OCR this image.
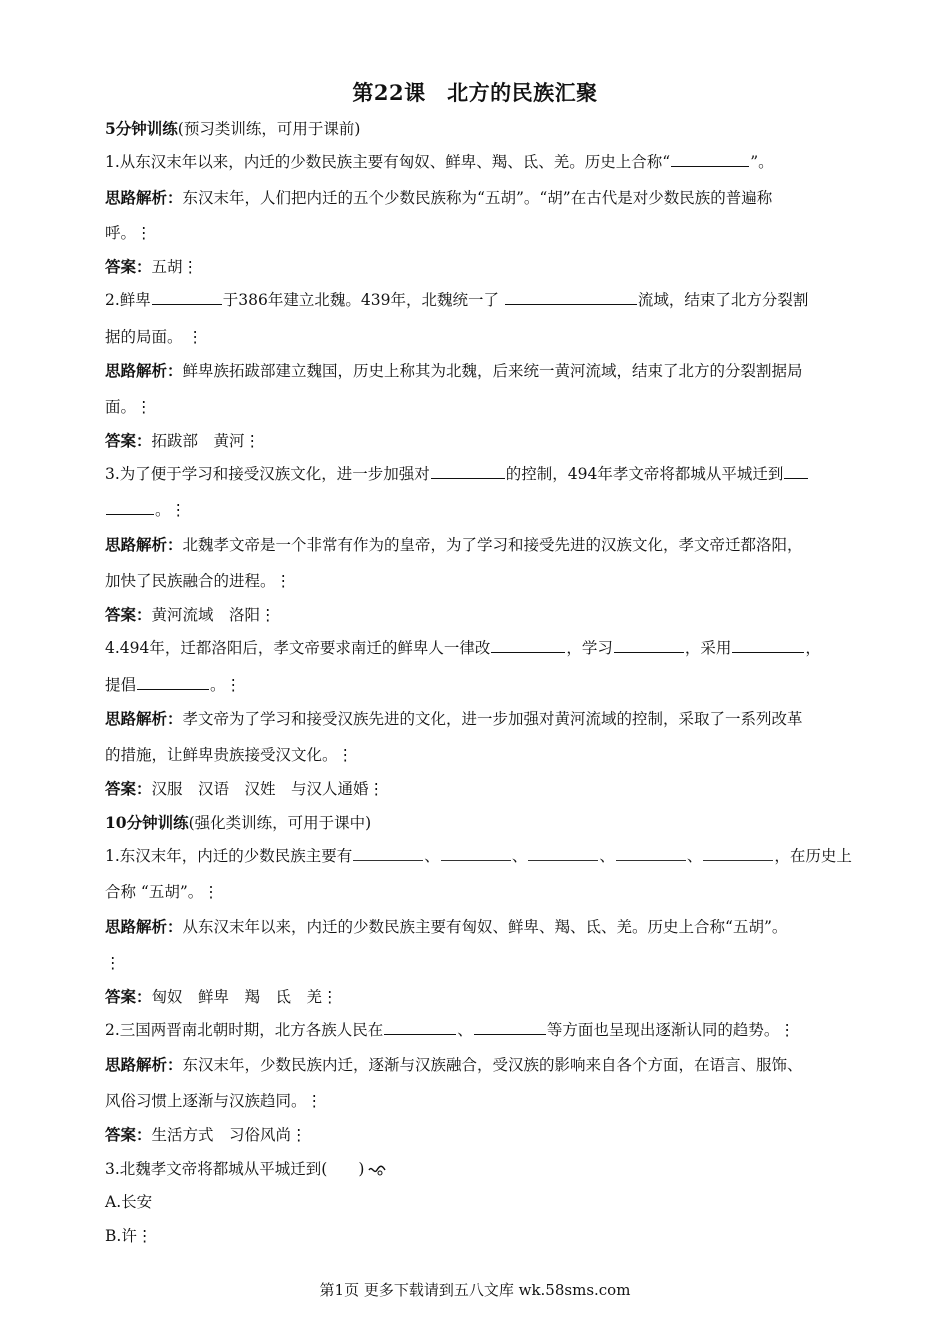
第22课　北方的民族汇聚
5分钟训练(预习类训练，可用于课前)
1.从东汉末年以来，内迁的少数民族主要有匈奴、鲜卑、羯、氐、羌。历史上合称“	”。
思路解析：东汉末年，人们把内迁的五个少数民族称为“五胡”。“胡”在古代是对少数民族的普遍称
呼。⋮
答案：五胡⋮
2.鲜卑	于386年建立北魏。439年，北魏统一了	流域，结束了北方分裂割
据的局面。 ⋮
思路解析：鲜卑族拓跋部建立魏国，历史上称其为北魏，后来统一黄河流域，结束了北方的分裂割据局
面。⋮
答案：拓跋部　黄河⋮
3.为了便于学习和接受汉族文化，进一步加强对	的控制，494年孝文帝将都城从平城迁到
。⋮
思路解析：北魏孝文帝是一个非常有作为的皇帝，为了学习和接受先进的汉族文化，孝文帝迁都洛阳，
加快了民族融合的进程。⋮
答案：黄河流域　洛阳⋮
4.494年，迁都洛阳后，孝文帝要求南迁的鲜卑人一律改	，学习	，采用	，
提倡	。⋮
思路解析：孝文帝为了学习和接受汉族先进的文化，进一步加强对黄河流域的控制，采取了一系列改革
的措施，让鲜卑贵族接受汉文化。⋮
答案：汉服　汉语　汉姓　与汉人通婚⋮
10分钟训练(强化类训练，可用于课中)
1.东汉末年，内迁的少数民族主要有	、	、	、	、	，在历史上
合称 “五胡”。⋮
思路解析：从东汉末年以来，内迁的少数民族主要有匈奴、鲜卑、羯、氐、羌。历史上合称“五胡”。
⋮
答案：匈奴　鲜卑　羯　氐　羌⋮
2.三国两晋南北朝时期，北方各族人民在	、	等方面也呈现出逐渐认同的趋势。⋮
思路解析：东汉末年，少数民族内迁，逐渐与汉族融合，受汉族的影响来自各个方面，在语言、服饰、
风俗习惯上逐渐与汉族趋同。⋮
答案：生活方式　习俗风尚⋮
3.北魏孝文帝将都城从平城迁到(　　)
A.长安
B.许⋮
第1页 更多下载请到五八文库 wk.58sms.com
